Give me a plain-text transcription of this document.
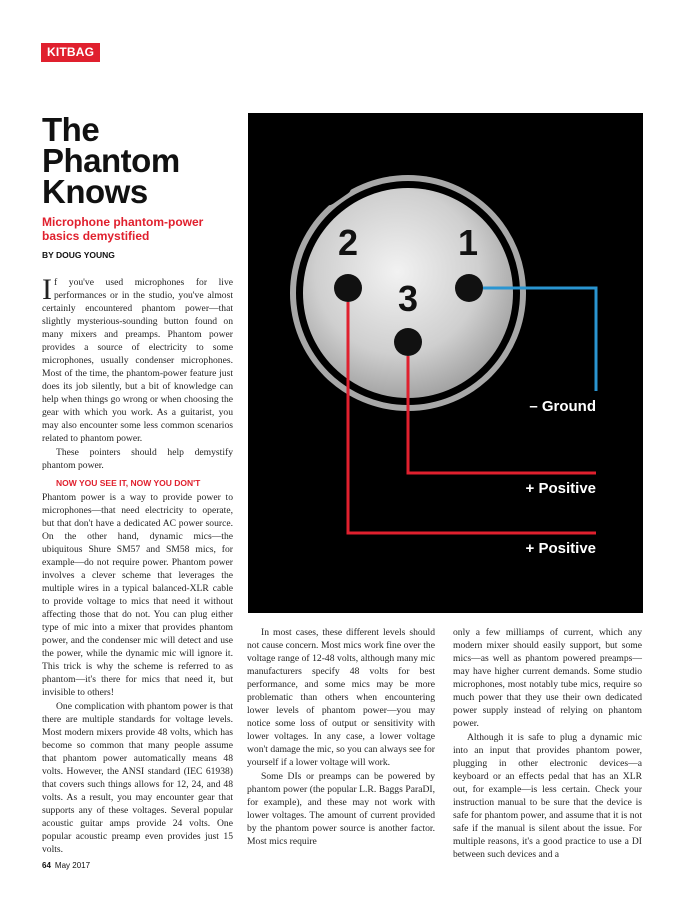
KITBAG
The
Phantom
Knows
Microphone phantom-power
basics demystified
BY DOUG YOUNG

If you've used microphones for live performances or in the studio, you've almost certainly encountered phantom power—that slightly mysterious-sounding button found on many mixers and preamps. Phantom power provides a source of electricity to some microphones, usually condenser microphones. Most of the time, the phantom-power feature just does its job silently, but a bit of knowledge can help when things go wrong or when choosing the gear with which you work. As a guitarist, you may also encounter some less common scenarios related to phantom power.

These pointers should help demystify phantom power.

NOW YOU SEE IT, NOW YOU DON'T

Phantom power is a way to provide power to microphones—that need electricity to operate, but that don't have a dedicated AC power source. On the other hand, dynamic mics—the ubiquitous Shure SM57 and SM58 mics, for example—do not require power. Phantom power involves a clever scheme that leverages the multiple wires in a typical balanced-XLR cable to provide voltage to mics that need it without affecting those that do not. You can plug either type of mic into a mixer that provides phantom power, and the condenser mic will detect and use the power, while the dynamic mic will ignore it. This trick is why the scheme is referred to as phantom—it's there for mics that need it, but invisible to others!

One complication with phantom power is that there are multiple standards for voltage levels. Most modern mixers provide 48 volts, which has become so common that many people assume that phantom power automatically means 48 volts. However, the ANSI standard (IEC 61938) that covers such things allows for 12, 24, and 48 volts. As a result, you may encounter gear that supports any of these voltages. Several popular acoustic guitar amps provide 24 volts. One popular acoustic preamp even provides just 15 volts.

2	1
3
– Ground
+ Positive
+ Positive

In most cases, these different levels should not cause concern. Most mics work fine over the voltage range of 12-48 volts, although many mic manufacturers specify 48 volts for best performance, and some mics may be more problematic than others when encountering lower levels of phantom power—you may notice some loss of output or sensitivity with lower voltages. In any case, a lower voltage won't damage the mic, so you can always see for yourself if a lower voltage will work.

Some DIs or preamps can be powered by phantom power (the popular L.R. Baggs ParaDI, for example), and these may not work with lower voltages. The amount of current provided by the phantom power source is another factor. Most mics require

only a few milliamps of current, which any modern mixer should easily support, but some mics—as well as phantom powered preamps—may have higher current demands. Some studio microphones, most notably tube mics, require so much power that they use their own dedicated power supply instead of relying on phantom power.

Although it is safe to plug a dynamic mic into an input that provides phantom power, plugging in other electronic devices—a keyboard or an effects pedal that has an XLR out, for example—is less certain. Check your instruction manual to be sure that the device is safe for phantom power, and assume that it is not safe if the manual is silent about the issue. For multiple reasons, it's a good practice to use a DI between such devices and a

64 May 2017
